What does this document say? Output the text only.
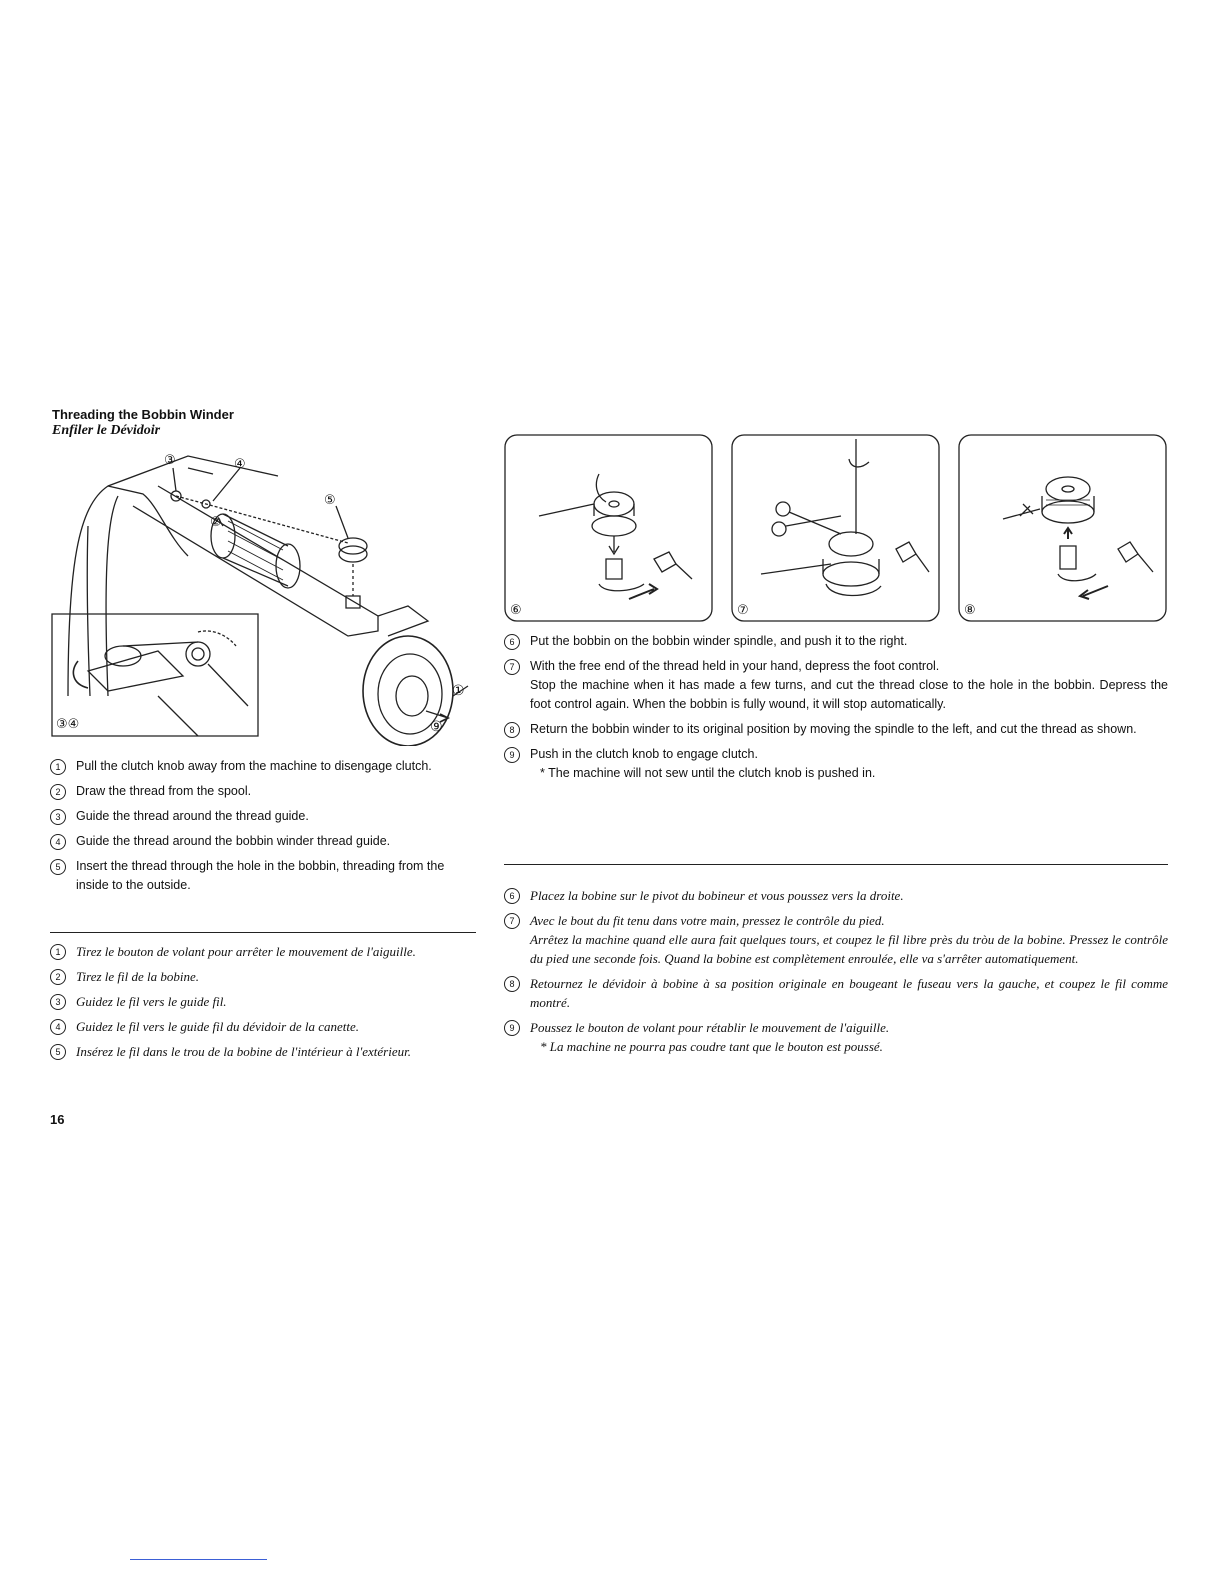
Threading the Bobbin Winder
Enfiler le Dévidoir
③	④
②
⑤
①
⑨
③④
⑥	⑦	⑧
1	Pull the clutch knob away from the machine to disengage clutch.
2	Draw the thread from the spool.
3	Guide the thread around the thread guide.
4	Guide the thread around the bobbin winder thread guide.
5	Insert the thread through the hole in the bobbin, threading from the inside to the outside.
1	Tirez le bouton de volant pour arrêter le mouvement de l'aiguille.
2	Tirez le fil de la bobine.
3	Guidez le fil vers le guide fil.
4	Guidez le fil vers le guide fil du dévidoir de la canette.
5	Insérez le fil dans le trou de la bobine de l'intérieur à l'extérieur.
6	Put the bobbin on the bobbin winder spindle, and push it to the right.
7	With the free end of the thread held in your hand, depress the foot control.
Stop the machine when it has made a few turns, and cut the thread close to the hole in the bobbin. Depress the foot control again. When the bobbin is fully wound, it will stop automatically.
8	Return the bobbin winder to its original position by moving the spindle to the left, and cut the thread as shown.
9	Push in the clutch knob to engage clutch.
* The machine will not sew until the clutch knob is pushed in.
6	Placez la bobine sur le pivot du bobineur et vous poussez vers la droite.
7	Avec le bout du fit tenu dans votre main, pressez le contrôle du pied.
Arrêtez la machine quand elle aura fait quelques tours, et coupez le fil libre près du tròu de la bobine. Pressez le contrôle du pied une seconde fois. Quand la bobine est complètement enroulée, elle va s'arrêter automatiquement.
8	Retournez le dévidoir à bobine à sa position originale en bougeant le fuseau vers la gauche, et coupez le fil comme montré.
9	Poussez le bouton de volant pour rétablir le mouvement de l'aiguille.
* La machine ne pourra pas coudre tant que le bouton est poussé.
16
